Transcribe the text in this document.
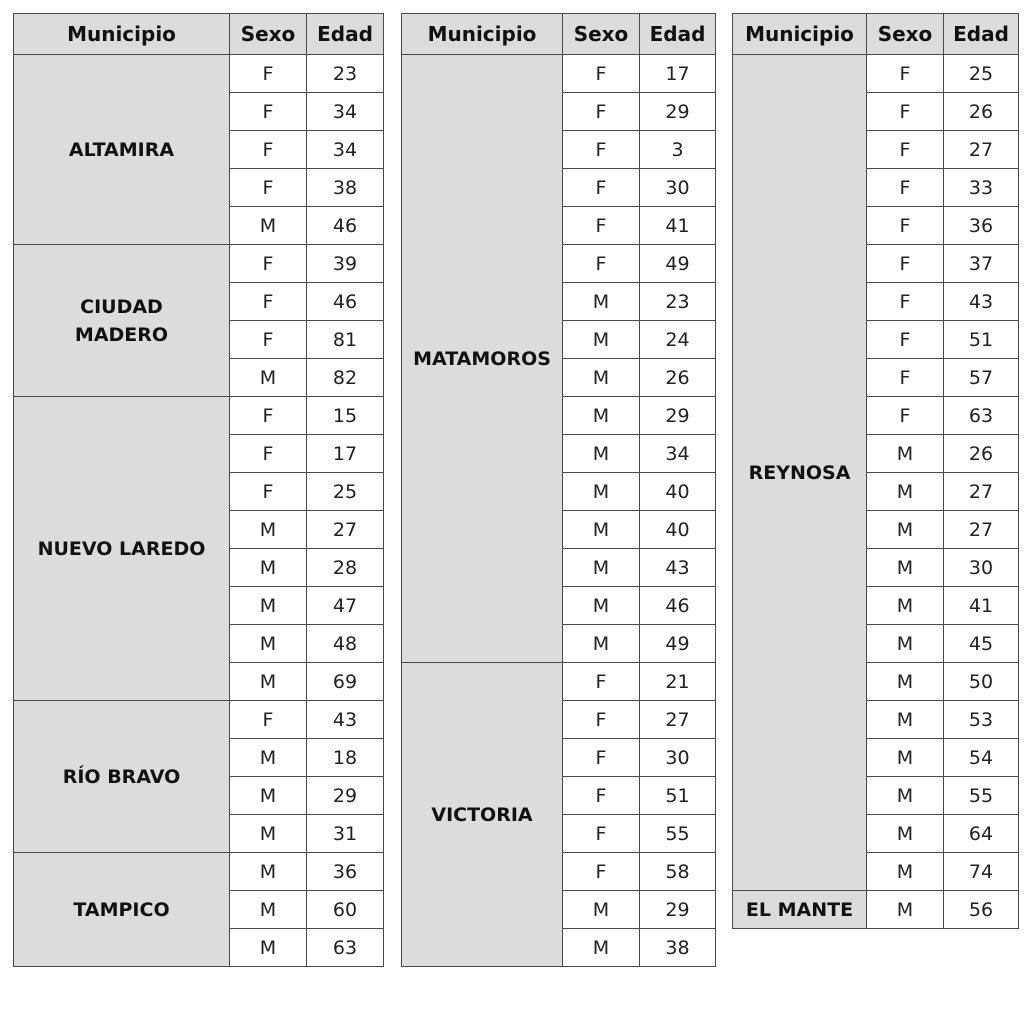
Municipio	Sexo	Edad
ALTAMIRA	F	23
	F	34
	F	34
	F	38
	M	46
CIUDAD
MADERO	F	39
	F	46
	F	81
	M	82
NUEVO LAREDO	F	15
	F	17
	F	25
	M	27
	M	28
	M	47
	M	48
	M	69
RÍO BRAVO	F	43
	M	18
	M	29
	M	31
TAMPICO	M	36
	M	60
	M	63
Municipio	Sexo	Edad
MATAMOROS	F	17
	F	29
	F	3
	F	30
	F	41
	F	49
	M	23
	M	24
	M	26
	M	29
	M	34
	M	40
	M	40
	M	43
	M	46
	M	49
VICTORIA	F	21
	F	27
	F	30
	F	51
	F	55
	F	58
	M	29
	M	38
Municipio	Sexo	Edad
REYNOSA	F	25
	F	26
	F	27
	F	33
	F	36
	F	37
	F	43
	F	51
	F	57
	F	63
	M	26
	M	27
	M	27
	M	30
	M	41
	M	45
	M	50
	M	53
	M	54
	M	55
	M	64
	M	74
EL MANTE	M	56
